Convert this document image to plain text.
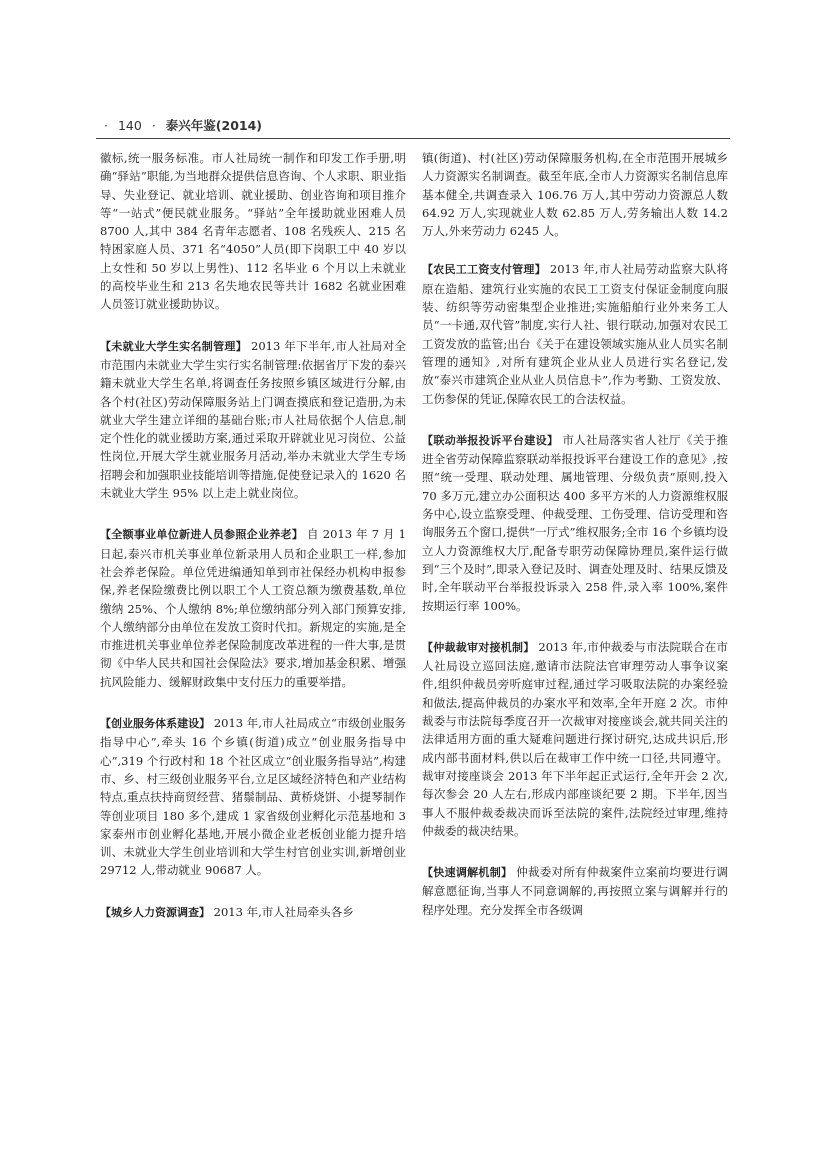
· 140 · 泰兴年鉴(2014)

徽标,统一服务标准。市人社局统一制作和印发工作手册,明确“驿站”职能,为当地群众提供信息咨询、个人求职、职业指导、失业登记、就业培训、就业援助、创业咨询和项目推介等“一站式”便民就业服务。“驿站”全年援助就业困难人员 8700 人,其中 384 名青年志愿者、108 名残疾人、215 名特困家庭人员、371 名“4050”人员(即下岗职工中 40 岁以上女性和 50 岁以上男性)、112 名毕业 6 个月以上未就业的高校毕业生和 213 名失地农民等共计 1682 名就业困难人员签订就业援助协议。

【未就业大学生实名制管理】 2013 年下半年,市人社局对全市范围内未就业大学生实行实名制管理:依据省厅下发的泰兴籍未就业大学生名单,将调查任务按照乡镇区域进行分解,由各个村(社区)劳动保障服务站上门调查摸底和登记造册,为未就业大学生建立详细的基础台账;市人社局依据个人信息,制定个性化的就业援助方案,通过采取开辟就业见习岗位、公益性岗位,开展大学生就业服务月活动,举办未就业大学生专场招聘会和加强职业技能培训等措施,促使登记录入的 1620 名未就业大学生 95% 以上走上就业岗位。

【全额事业单位新进人员参照企业养老】 自 2013 年 7 月 1 日起,泰兴市机关事业单位新录用人员和企业职工一样,参加社会养老保险。单位凭进编通知单到市社保经办机构申报参保,养老保险缴费比例以职工个人工资总额为缴费基数,单位缴纳 25%、个人缴纳 8%;单位缴纳部分列入部门预算安排,个人缴纳部分由单位在发放工资时代扣。新规定的实施,是全市推进机关事业单位养老保险制度改革进程的一件大事,是贯彻《中华人民共和国社会保险法》要求,增加基金积累、增强抗风险能力、缓解财政集中支付压力的重要举措。

【创业服务体系建设】 2013 年,市人社局成立“市级创业服务指导中心”,牵头 16 个乡镇(街道)成立“创业服务指导中心”,319 个行政村和 18 个社区成立“创业服务指导站”,构建市、乡、村三级创业服务平台,立足区域经济特色和产业结构特点,重点扶持商贸经营、猪鬃制品、黄桥烧饼、小提琴制作等创业项目 180 多个,建成 1 家省级创业孵化示范基地和 3 家泰州市创业孵化基地,开展小微企业老板创业能力提升培训、未就业大学生创业培训和大学生村官创业实训,新增创业 29712 人,带动就业 90687 人。

【城乡人力资源调查】 2013 年,市人社局牵头各乡

镇(街道)、村(社区)劳动保障服务机构,在全市范围开展城乡人力资源实名制调查。截至年底,全市人力资源实名制信息库基本健全,共调查录入 106.76 万人,其中劳动力资源总人数 64.92 万人,实现就业人数 62.85 万人,劳务输出人数 14.2 万人,外来劳动力 6245 人。

【农民工工资支付管理】 2013 年,市人社局劳动监察大队将原在造船、建筑行业实施的农民工工资支付保证金制度向服装、纺织等劳动密集型企业推进;实施船舶行业外来务工人员“一卡通,双代管”制度,实行人社、银行联动,加强对农民工工资发放的监管;出台《关于在建设领域实施从业人员实名制管理的通知》,对所有建筑企业从业人员进行实名登记,发放“泰兴市建筑企业从业人员信息卡”,作为考勤、工资发放、工伤参保的凭证,保障农民工的合法权益。

【联动举报投诉平台建设】 市人社局落实省人社厅《关于推进全省劳动保障监察联动举报投诉平台建设工作的意见》,按照“统一受理、联动处理、属地管理、分级负责”原则,投入 70 多万元,建立办公面积达 400 多平方米的人力资源维权服务中心,设立监察受理、仲裁受理、工伤受理、信访受理和咨询服务五个窗口,提供“一厅式”维权服务;全市 16 个乡镇均设立人力资源维权大厅,配备专职劳动保障协理员,案件运行做到“三个及时”,即录入登记及时、调查处理及时、结果反馈及时,全年联动平台举报投诉录入 258 件,录入率 100%,案件按期运行率 100%。

【仲裁裁审对接机制】 2013 年,市仲裁委与市法院联合在市人社局设立巡回法庭,邀请市法院法官审理劳动人事争议案件,组织仲裁员旁听庭审过程,通过学习吸取法院的办案经验和做法,提高仲裁员的办案水平和效率,全年开庭 2 次。市仲裁委与市法院每季度召开一次裁审对接座谈会,就共同关注的法律适用方面的重大疑难问题进行探讨研究,达成共识后,形成内部书面材料,供以后在裁审工作中统一口径,共同遵守。裁审对接座谈会 2013 年下半年起正式运行,全年开会 2 次,每次参会 20 人左右,形成内部座谈纪要 2 期。下半年,因当事人不服仲裁委裁决而诉至法院的案件,法院经过审理,维持仲裁委的裁决结果。

【快速调解机制】 仲裁委对所有仲裁案件立案前均要进行调解意愿征询,当事人不同意调解的,再按照立案与调解并行的程序处理。充分发挥全市各级调
